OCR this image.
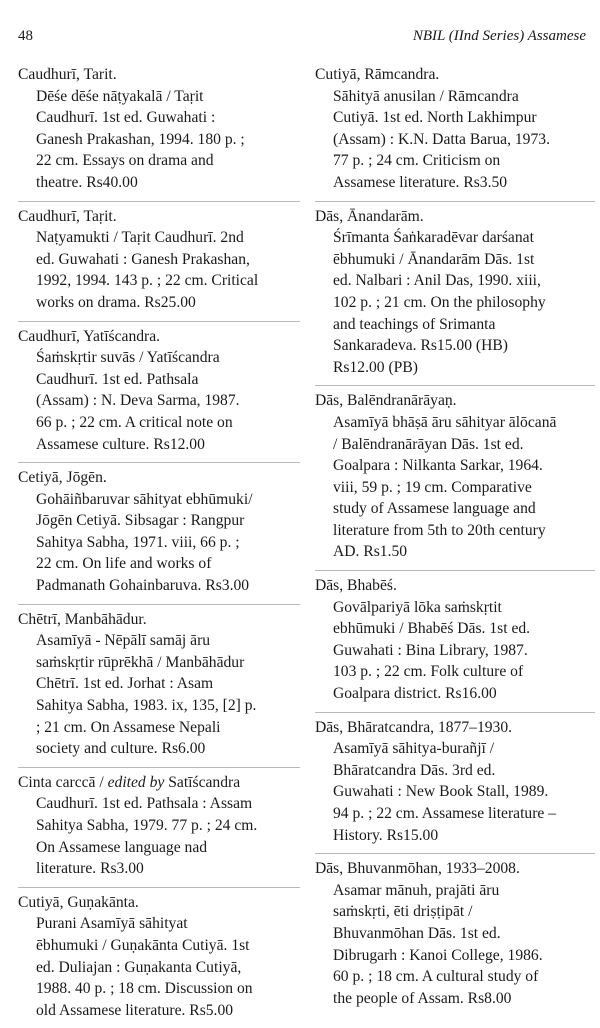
48	NBIL (IInd Series) Assamese
Caudhurī, Tarit.
Dēśe dēśe nāṭyakalā / Taṛit
Caudhurī. 1st ed. Guwahati :
Ganesh Prakashan, 1994. 180 p. ;
22 cm. Essays on drama and
theatre. Rs40.00
Caudhurī, Taṛit.
Naṭyamukti / Taṛit Caudhurī. 2nd
ed. Guwahati : Ganesh Prakashan,
1992, 1994. 143 p. ; 22 cm. Critical
works on drama. Rs25.00
Caudhurī, Yatīścandra.
Śaṁskṛtir suvās / Yatīścandra
Caudhurī. 1st ed. Pathsala
(Assam) : N. Deva Sarma, 1987.
66 p. ; 22 cm. A critical note on
Assamese culture. Rs12.00
Cetiyā, Jōgēn.
Gohāiñbaruvar sāhityat ebhūmuki/
Jōgēn Cetiyā. Sibsagar : Rangpur
Sahitya Sabha, 1971. viii, 66 p. ;
22 cm. On life and works of
Padmanath Gohainbaruva. Rs3.00
Chētrī, Manbāhādur.
Asamīyā - Nēpālī samāj āru
saṁskṛtir rūprēkhā / Manbāhādur
Chētrī. 1st ed. Jorhat : Asam
Sahitya Sabha, 1983. ix, 135, [2] p.
; 21 cm. On Assamese Nepali
society and culture. Rs6.00
Cinta carccā / edited by Satīścandra
Caudhurī. 1st ed. Pathsala : Assam
Sahitya Sabha, 1979. 77 p. ; 24 cm.
On Assamese language nad
literature. Rs3.00
Cutiyā, Guṇakānta.
Purani Asamīyā sāhityat
ēbhumuki / Guṇakānta Cutiyā. 1st
ed. Duliajan : Guṇakanta Cutiyā,
1988. 40 p. ; 18 cm. Discussion on
old Assamese literature. Rs5.00
Cutiyā, Rāmcandra.
Sāhityā anusilan / Rāmcandra
Cutiyā. 1st ed. North Lakhimpur
(Assam) : K.N. Datta Barua, 1973.
77 p. ; 24 cm. Criticism on
Assamese literature. Rs3.50
Dās, Ānandarām.
Śrīmanta Śaṅkaradēvar darśanat
ēbhumuki / Ānandarām Dās. 1st
ed. Nalbari : Anil Das, 1990. xiii,
102 p. ; 21 cm. On the philosophy
and teachings of Srimanta
Sankaradeva. Rs15.00 (HB)
Rs12.00 (PB)
Dās, Balēndranārāyaṇ.
Asamīyā bhāṣā āru sāhityar ālōcanā
/ Balēndranārāyan Dās. 1st ed.
Goalpara : Nilkanta Sarkar, 1964.
viii, 59 p. ; 19 cm. Comparative
study of Assamese language and
literature from 5th to 20th century
AD. Rs1.50
Dās, Bhabēś.
Govālpariyā lōka saṁskṛtit
ebhūmuki / Bhabēś Dās. 1st ed.
Guwahati : Bina Library, 1987.
103 p. ; 22 cm. Folk culture of
Goalpara district. Rs16.00
Dās, Bhāratcandra, 1877–1930.
Asamīyā sāhitya-burañjī /
Bhāratcandra Dās. 3rd ed.
Guwahati : New Book Stall, 1989.
94 p. ; 22 cm. Assamese literature –
History. Rs15.00
Dās, Bhuvanmōhan, 1933–2008.
Asamar mānuh, prajāti āru
saṁskṛti, ēti driṣṭipāt /
Bhuvanmōhan Dās. 1st ed.
Dibrugarh : Kanoi College, 1986.
60 p. ; 18 cm. A cultural study of
the people of Assam. Rs8.00
